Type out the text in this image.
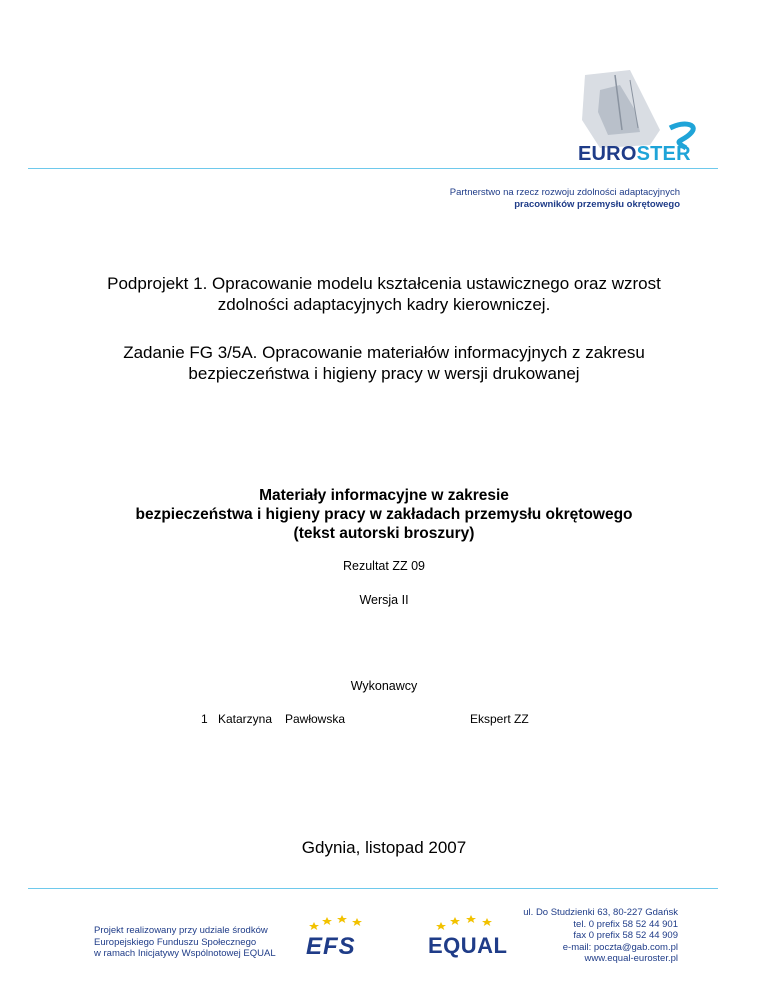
EUROSTER
Partnerstwo na rzecz rozwoju zdolności adaptacyjnych
pracowników przemysłu okrętowego
Podprojekt 1. Opracowanie modelu kształcenia ustawicznego oraz wzrost
zdolności adaptacyjnych kadry kierowniczej.
Zadanie FG 3/5A. Opracowanie materiałów informacyjnych z zakresu
bezpieczeństwa i higieny pracy w wersji drukowanej
Materiały informacyjne w zakresie
bezpieczeństwa i higieny pracy w zakładach przemysłu okrętowego
(tekst autorski broszury)
Rezultat ZZ 09
Wersja II
Wykonawcy
1 Katarzyna Pawłowska	Ekspert ZZ
Gdynia, listopad 2007
Projekt realizowany przy udziale środków
Europejskiego Funduszu Społecznego
w ramach Inicjatywy Wspólnotowej EQUAL EFS	EQUAL
ul. Do Studzienki 63, 80-227 Gdańsk
tel. 0 prefix 58 52 44 901
fax 0 prefix 58 52 44 909
e-mail: poczta@gab.com.pl
www.equal-euroster.pl
